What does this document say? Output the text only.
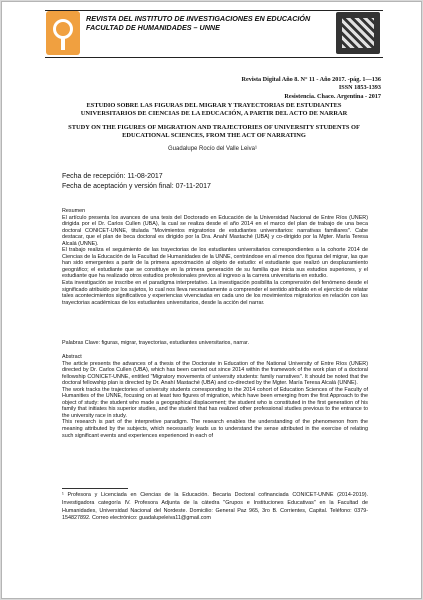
REVISTA DEL INSTITUTO DE INVESTIGACIONES EN EDUCACIÓN
FACULTAD DE HUMANIDADES – UNNE
Revista Digital Año 8. N° 11 - Año 2017. -pág. 1—136
ISSN 1853-1393
Resistencia. Chaco. Argentina - 2017
ESTUDIO SOBRE LAS FIGURAS DEL MIGRAR Y TRAYECTORIAS DE ESTUDIANTES UNIVERSITARIOS DE CIENCIAS DE LA EDUCACIÓN, A PARTIR DEL ACTO DE NARRAR
STUDY ON THE FIGURES OF MIGRATION AND TRAJECTORIES OF UNIVERSITY STUDENTS OF EDUCATIONAL SCIENCES, FROM THE ACT OF NARRATING
Guadalupe Rocío del Valle Leiva¹
Fecha de recepción: 11-08-2017
Fecha de aceptación y versión final: 07-11-2017

Resumen

El artículo presenta los avances de una tesis del Doctorado en Educación de la Universidad Nacional de Entre Ríos (UNER) dirigida por el Dr. Carlos Cullen (UBA), la cual se realiza desde el año 2014 en el marco del plan de trabajo de una beca doctoral CONICET-UNNE, titulada "Movimientos migratorios de estudiantes universitarios: narrativas familiares". Cabe destacar, que el plan de beca doctoral es dirigido por la Dra. Anahí Mastaché (UBA) y co-dirigido por la Mgter. María Teresa Alcalá (UNNE).

El trabajo realiza el seguimiento de las trayectorias de los estudiantes universitarios correspondientes a la cohorte 2014 de Ciencias de la Educación de la Facultad de Humanidades de la UNNE, centrándose en al menos dos figuras del migrar, las que han sido emergentes a partir de la primera aproximación al objeto de estudio: el estudiante que realizó un desplazamiento geográfico; el estudiante que se constituye en la primera generación de su familia que inicia sus estudios superiores, y el estudiante que ha realizado otros estudios profesionales previos al ingreso a la carrera universitaria en estudio.

Esta investigación se inscribe en el paradigma interpretativo. La investigación posibilita la comprensión del fenómeno desde el significado atribuido por los sujetos, lo cual nos lleva necesariamente a comprender el sentido atribuido en el ejercicio de relatar tales acontecimientos significativos y experiencias vivenciadas en cada uno de los movimientos migratorios en relación con las trayectorias académicas de los estudiantes universitarios, desde la acción del narrar.

Palabras Clave: figuras, migrar, trayectorias, estudiantes universitarios, narrar.

Abstract

The article presents the advances of a thesis of the Doctorate in Education of the National University of Entre Ríos (UNER) directed by Dr. Carlos Cullen (UBA), which has been carried out since 2014 within the framework of the work plan of a doctoral fellowship CONICET-UNNE, entitled "Migratory movements of university students: family narratives". It should be noted that the doctoral fellowship plan is directed by Dr. Anahí Mastaché (UBA) and co-directed by the Mgter. María Teresa Alcalá (UNNE).

The work tracks the trajectories of university students corresponding to the 2014 cohort of Education Sciences of the Faculty of Humanities of the UNNE, focusing on at least two figures of migration, which have been emerging from the first Approach to the object of study: the student who made a geographical displacement; the student who is constituted in the first generation of his family that initiates his superior studies, and the student that has realized other professional studies previous to the entrance to the university race in study.

This research is part of the interpretive paradigm. The research enables the understanding of the phenomenon from the meaning attributed by the subjects, which necessarily leads us to understand the sense attributed in the exercise of relating such significant events and experiences experienced in each of

¹ Profesora y Licenciada en Ciencias de la Educación. Becaria Doctoral cofinanciada CONICET-UNNE (2014-2019). Investigadora categoría IV. Profesora Adjunta de la cátedra "Grupos e Instituciones Educativas" en la Facultad de Humanidades, Universidad Nacional del Nordeste. Domicilio: General Paz 965, 3ro B. Corrientes, Capital. Teléfono: 0379-154827892. Correo electrónico: guadalupeleiva11@gmail.com
